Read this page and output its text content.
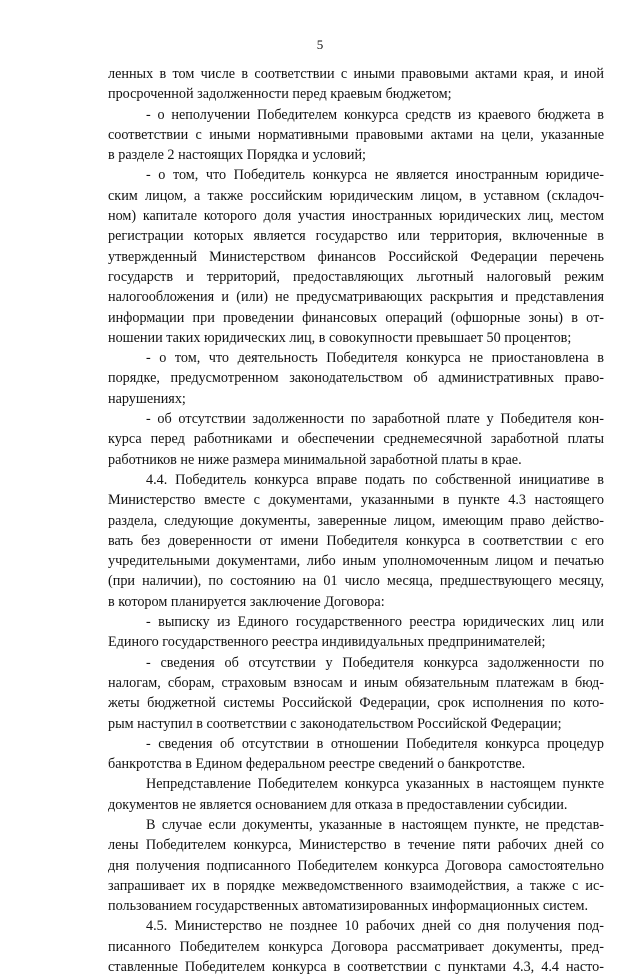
5
ленных в том числе в соответствии с иными правовыми актами края, и иной
просроченной задолженности перед краевым бюджетом;
- о неполучении Победителем конкурса средств из краевого бюджета в
соответствии с иными нормативными правовыми актами на цели, указанные
в разделе 2 настоящих Порядка и условий;
- о том, что Победитель конкурса не является иностранным юридиче-
ским лицом, а также российским юридическим лицом, в уставном (складоч-
ном) капитале которого доля участия иностранных юридических лиц, местом
регистрации которых является государство или территория, включенные в
утвержденный Министерством финансов Российской Федерации перечень
государств и территорий, предоставляющих льготный налоговый режим
налогообложения и (или) не предусматривающих раскрытия и представления
информации при проведении финансовых операций (офшорные зоны) в от-
ношении таких юридических лиц, в совокупности превышает 50 процентов;
- о том, что деятельность Победителя конкурса не приостановлена в
порядке, предусмотренном законодательством об административных право-
нарушениях;
- об отсутствии задолженности по заработной плате у Победителя кон-
курса перед работниками и обеспечении среднемесячной заработной платы
работников не ниже размера минимальной заработной платы в крае.
4.4. Победитель конкурса вправе подать по собственной инициативе в
Министерство вместе с документами, указанными в пункте 4.3 настоящего
раздела, следующие документы, заверенные лицом, имеющим право действо-
вать без доверенности от имени Победителя конкурса в соответствии с его
учредительными документами, либо иным уполномоченным лицом и печатью
(при наличии), по состоянию на 01 число месяца, предшествующего месяцу,
в котором планируется заключение Договора:
- выписку из Единого государственного реестра юридических лиц или
Единого государственного реестра индивидуальных предпринимателей;
- сведения об отсутствии у Победителя конкурса задолженности по
налогам, сборам, страховым взносам и иным обязательным платежам в бюд-
жеты бюджетной системы Российской Федерации, срок исполнения по кото-
рым наступил в соответствии с законодательством Российской Федерации;
- сведения об отсутствии в отношении Победителя конкурса процедур
банкротства в Едином федеральном реестре сведений о банкротстве.
Непредставление Победителем конкурса указанных в настоящем пункте
документов не является основанием для отказа в предоставлении субсидии.
В случае если документы, указанные в настоящем пункте, не представ-
лены Победителем конкурса, Министерство в течение пяти рабочих дней со
дня получения подписанного Победителем конкурса Договора самостоятельно
запрашивает их в порядке межведомственного взаимодействия, а также с ис-
пользованием государственных автоматизированных информационных систем.
4.5. Министерство не позднее 10 рабочих дней со дня получения под-
писанного Победителем конкурса Договора рассматривает документы, пред-
ставленные Победителем конкурса в соответствии с пунктами 4.3, 4.4 насто-
